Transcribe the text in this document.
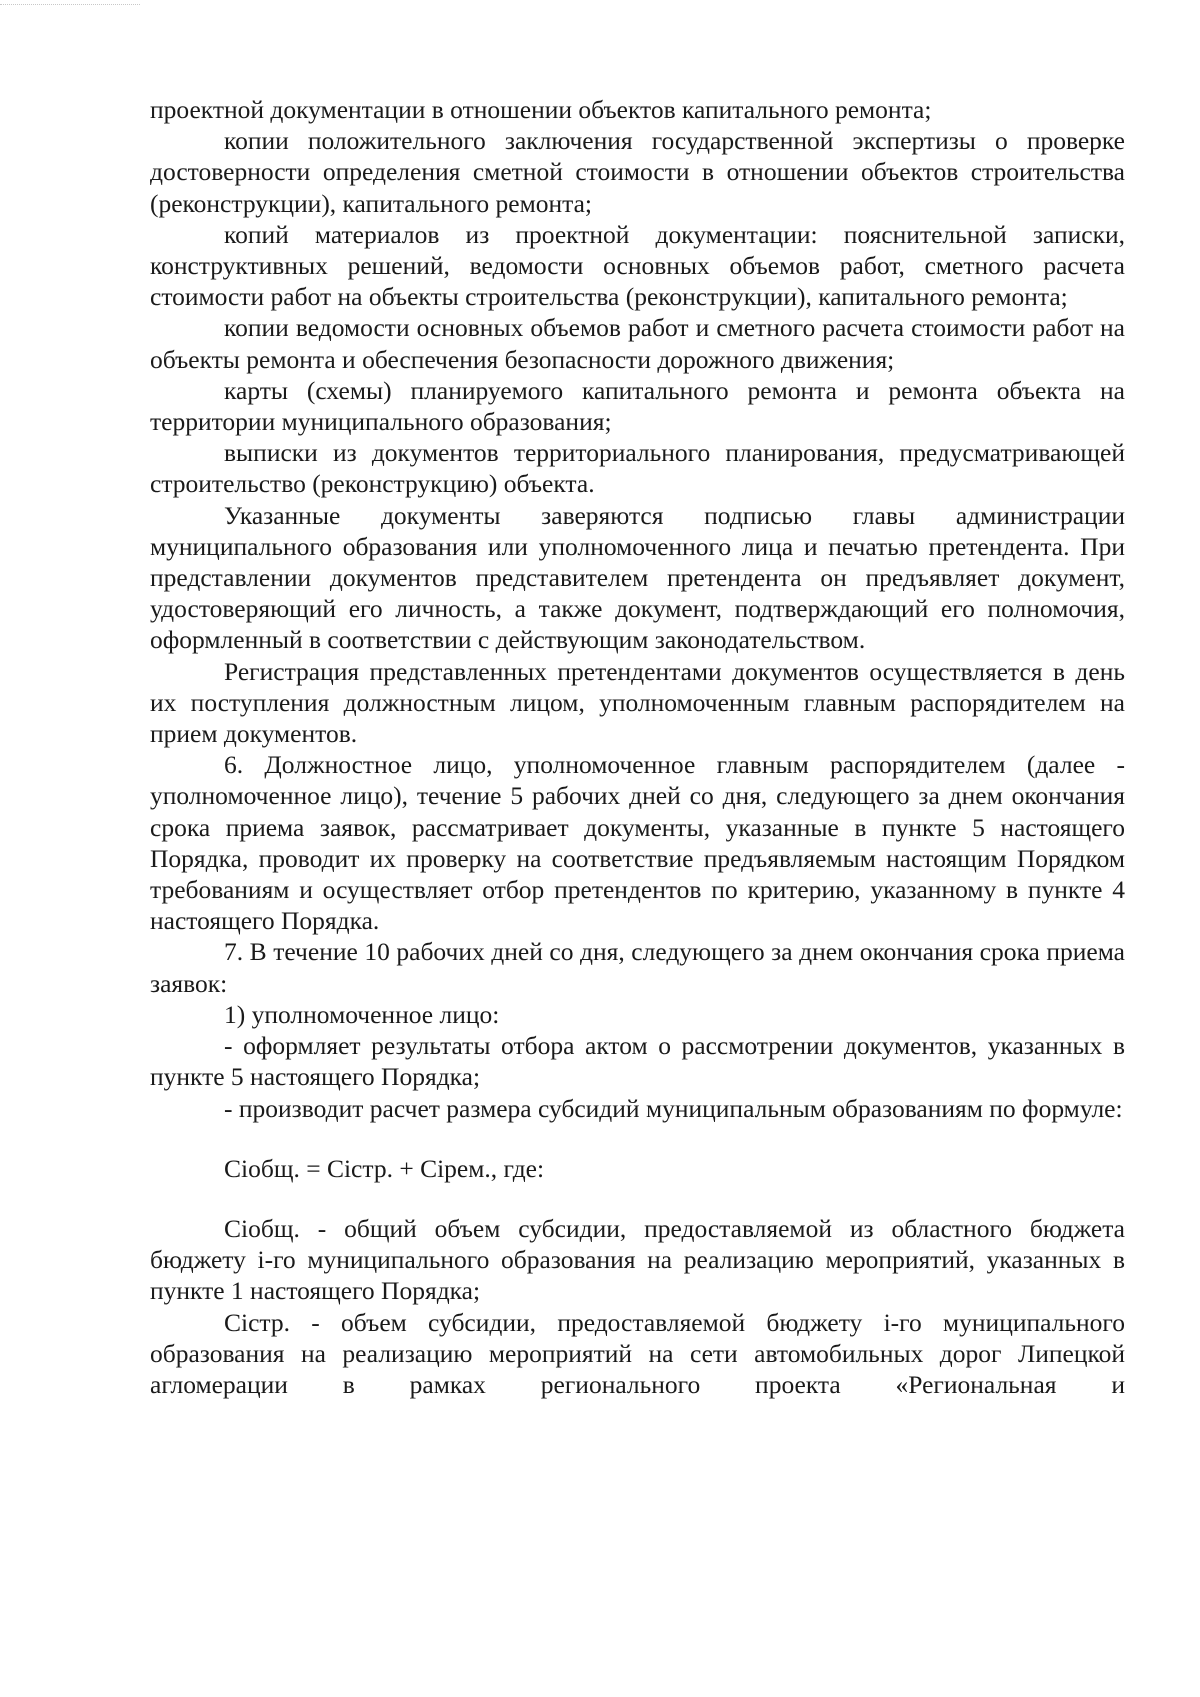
проектной документации в отношении объектов капитального ремонта;

копии положительного заключения государственной экспертизы о проверке достоверности определения сметной стоимости в отношении объектов строительства (реконструкции), капитального ремонта;

копий материалов из проектной документации: пояснительной записки, конструктивных решений, ведомости основных объемов работ, сметного расчета стоимости работ на объекты строительства (реконструкции), капитального ремонта;

копии ведомости основных объемов работ и сметного расчета стоимости работ на объекты ремонта и обеспечения безопасности дорожного движения;

карты (схемы) планируемого капитального ремонта и ремонта объекта на территории муниципального образования;

выписки из документов территориального планирования, предусматривающей строительство (реконструкцию) объекта.

Указанные документы заверяются подписью главы администрации муниципального образования или уполномоченного лица и печатью претендента. При представлении документов представителем претендента он предъявляет документ, удостоверяющий его личность, а также документ, подтверждающий его полномочия, оформленный в соответствии с действующим законодательством.

Регистрация представленных претендентами документов осуществляется в день их поступления должностным лицом, уполномоченным главным распорядителем на прием документов.

6. Должностное лицо, уполномоченное главным распорядителем (далее - уполномоченное лицо), течение 5 рабочих дней со дня, следующего за днем окончания срока приема заявок, рассматривает документы, указанные в пункте 5 настоящего Порядка, проводит их проверку на соответствие предъявляемым настоящим Порядком требованиям и осуществляет отбор претендентов по критерию, указанному в пункте 4 настоящего Порядка.

7. В течение 10 рабочих дней со дня, следующего за днем окончания срока приема заявок:

1) уполномоченное лицо:

- оформляет результаты отбора актом о рассмотрении документов, указанных в пункте 5 настоящего Порядка;

- производит расчет размера субсидий муниципальным образованиям по формуле:

Сiобщ. = Сiстр. + Сiрем., где:

Сiобщ. - общий объем субсидии, предоставляемой из областного бюджета бюджету i-го муниципального образования на реализацию мероприятий, указанных в пункте 1 настоящего Порядка;

Сiстр. - объем субсидии, предоставляемой бюджету i-го муниципального образования на реализацию мероприятий на сети автомобильных дорог Липецкой агломерации в рамках регионального проекта «Региональная и
